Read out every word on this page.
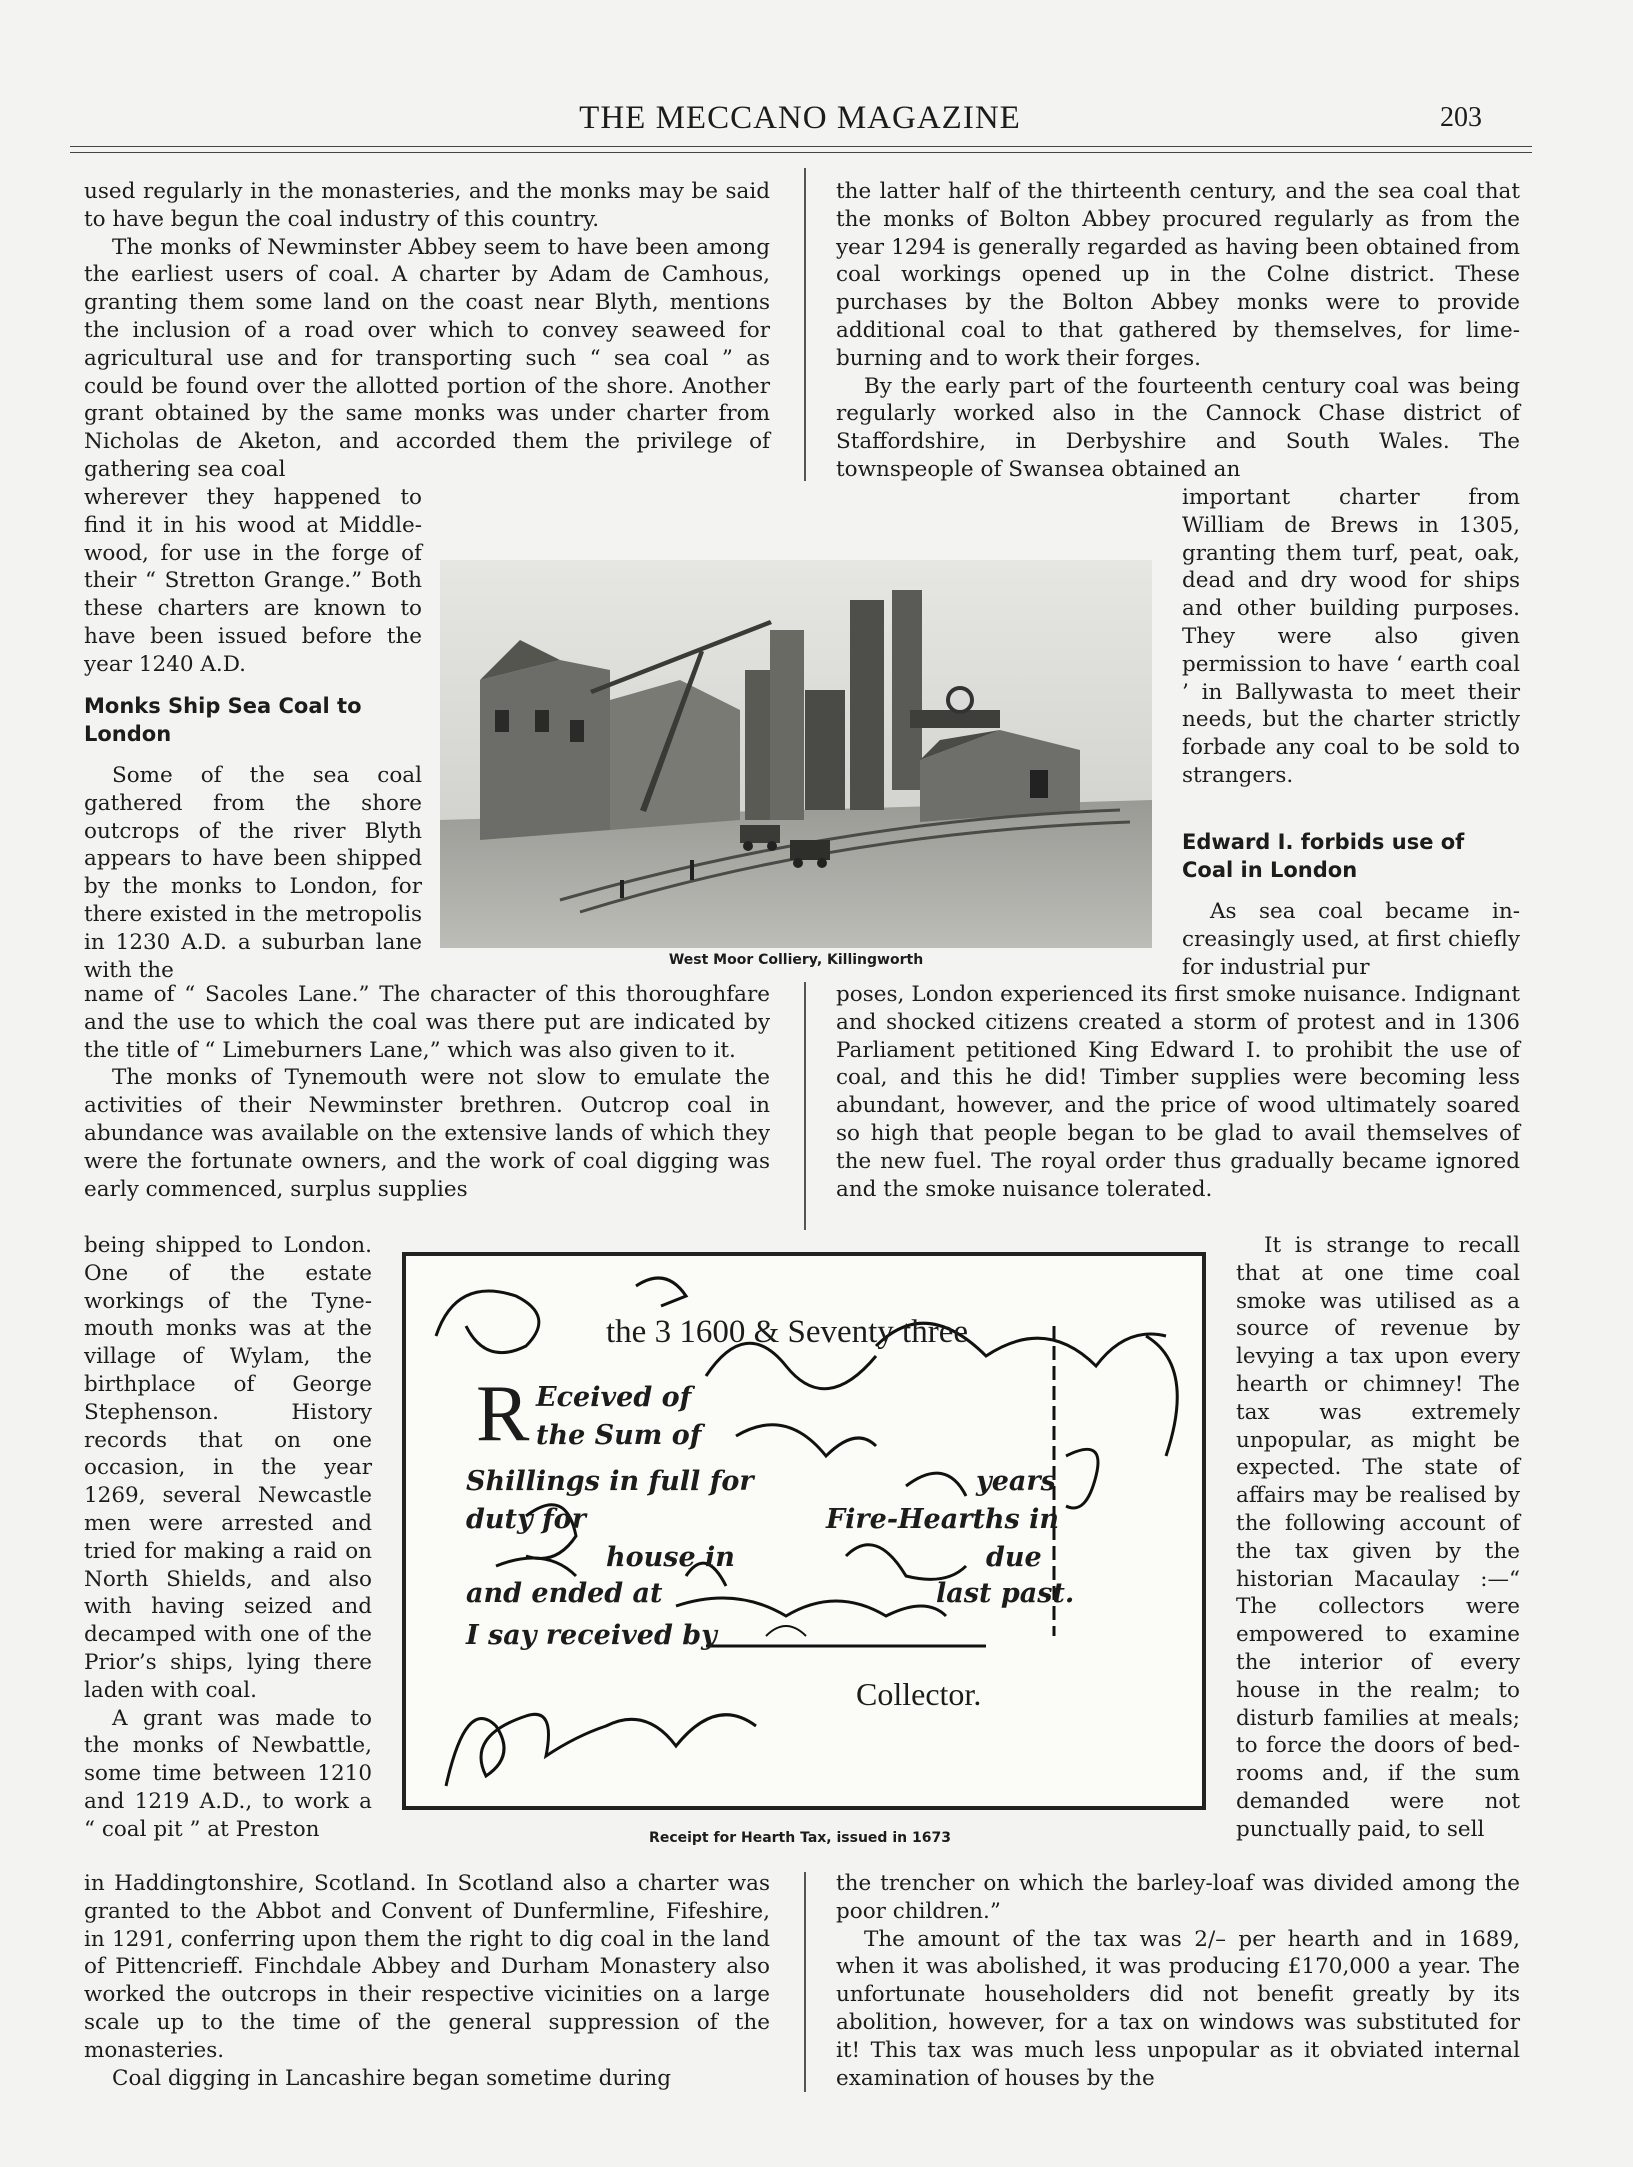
THE MECCANO MAGAZINE	203

used regularly in the monasteries, and the monks may be said to have begun the coal industry of this country.

The monks of Newminster Abbey seem to have been among the earliest users of coal. A charter by Adam de Camhous, granting them some land on the coast near Blyth, mentions the inclusion of a road over which to convey seaweed for agricultural use and for transporting such “ sea coal ” as could be found over the allotted portion of the shore. Another grant obtained by the same monks was under charter from Nicholas de Aketon, and accorded them the privilege of gathering sea coal

wherever they happened to find it in his wood at Middlewood, for use in the forge of their “ Stretton Grange.” Both these charters are known to have been issued before the year 1240 A.D.

Monks Ship Sea Coal to London

Some of the sea coal gathered from the shore outcrops of the river Blyth appears to have been shipped by the monks to London, for there existed in the metropolis in 1230 A.D. a suburban lane with the

name of “ Sacoles Lane.” The character of this thoroughfare and the use to which the coal was there put are indicated by the title of “ Limeburners Lane,” which was also given to it.

The monks of Tynemouth were not slow to emulate the activities of their Newminster brethren. Outcrop coal in abundance was available on the extensive lands of which they were the fortunate owners, and the work of coal digging was early commenced, surplus supplies

being shipped to London. One of the estate workings of the Tynemouth monks was at the village of Wylam, the birthplace of George Stephenson. History records that on one occasion, in the year 1269, several Newcastle men were arrested and tried for making a raid on North Shields, and also with having seized and decamped with one of the Prior’s ships, lying there laden with coal.

A grant was made to the monks of Newbattle, some time between 1210 and 1219 A.D., to work a “ coal pit ” at Preston

in Haddingtonshire, Scotland. In Scotland also a charter was granted to the Abbot and Convent of Dunfermline, Fifeshire, in 1291, conferring upon them the right to dig coal in the land of Pittencrieff. Finchdale Abbey and Durham Monastery also worked the outcrops in their respective vicinities on a large scale up to the time of the general suppression of the monasteries.

Coal digging in Lancashire began sometime during

the latter half of the thirteenth century, and the sea coal that the monks of Bolton Abbey procured regularly as from the year 1294 is generally regarded as having been obtained from coal workings opened up in the Colne district. These purchases by the Bolton Abbey monks were to provide additional coal to that gathered by themselves, for lime-burning and to work their forges.

By the early part of the fourteenth century coal was being regularly worked also in the Cannock Chase district of Staffordshire, in Derbyshire and South Wales. The townspeople of Swansea obtained an

important charter from William de Brews in 1305, granting them turf, peat, oak, dead and dry wood for ships and other building purposes. They were also given permission to have ‘ earth coal ’ in Ballywasta to meet their needs, but the charter strictly forbade any coal to be sold to strangers.

Edward I. forbids use of Coal in London

As sea coal became increasingly used, at first chiefly for industrial pur

poses, London experienced its first smoke nuisance. Indignant and shocked citizens created a storm of protest and in 1306 Parliament petitioned King Edward I. to prohibit the use of coal, and this he did! Timber supplies were becoming less abundant, however, and the price of wood ultimately soared so high that people began to be glad to avail themselves of the new fuel. The royal order thus gradually became ignored and the smoke nuisance tolerated.

It is strange to recall that at one time coal smoke was utilised as a source of revenue by levying a tax upon every hearth or chimney! The tax was extremely unpopular, as might be expected. The state of affairs may be realised by the following account of the tax given by the historian Macaulay :—“ The collectors were empowered to examine the interior of every house in the realm; to disturb families at meals; to force the doors of bedrooms and, if the sum demanded were not punctually paid, to sell

the trencher on which the barley-loaf was divided among the poor children.”

The amount of the tax was 2/– per hearth and in 1689, when it was abolished, it was producing £170,000 a year. The unfortunate householders did not benefit greatly by its abolition, however, for a tax on windows was substituted for it! This tax was much less unpopular as it obviated internal examination of houses by the

West Moor Colliery, Killingworth
the 3 1600 & Seventy three
R Eceived of
the Sum of
Shillings in full for	years
duty for	Fire-Hearths in
house in	due
and ended at	last past.
I say received by
Collector.
Receipt for Hearth Tax, issued in 1673
